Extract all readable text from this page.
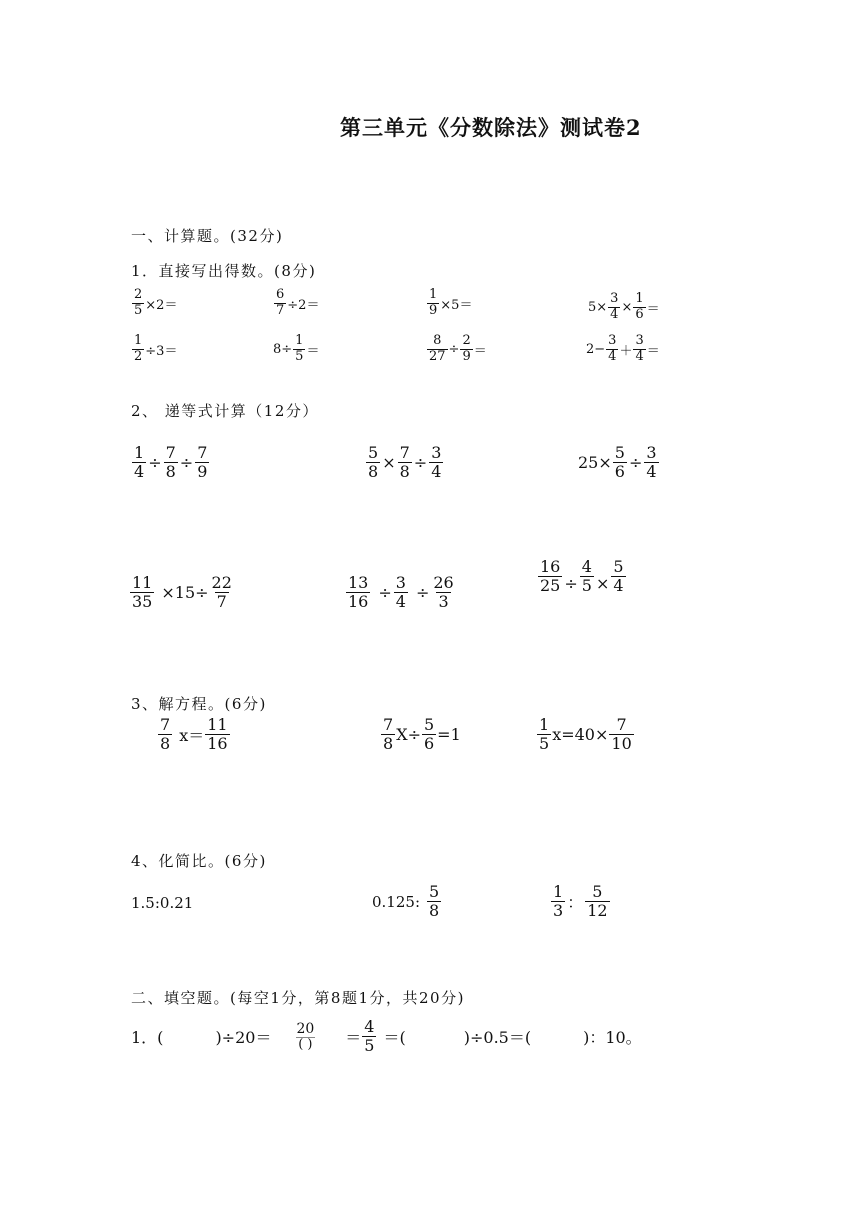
第三单元《分数除法》测试卷2
一、计算题。(32分)
1．直接写出得数。(8分)
$\frac{2}{5} \times 2=$	$\frac{6}{7} \div 2=$	$\frac{1}{9} \times 5=$	$5\times \frac{3}{4} \times \frac{1}{6}$ ＝
$\frac{1}{2} \div 3=$	$8\div \frac{1}{5}$ ＝	$\frac{8}{27} \div \frac{2}{9}$ ＝	$2- \frac{3}{4} + \frac{3}{4}$ ＝
2、 递等式计算（12分）
$\frac{1}{4} \div \frac{7}{8} \div \frac{7}{9}$	$\frac{5}{8} \times \frac{7}{8} \div \frac{3}{4}$	$25\times \frac{5}{6} \div \frac{3}{4}$
$\frac{11}{35} \times 15\div \frac{22}{7}$	$\frac{13}{16} \div \frac{3}{4} \div \frac{26}{3}$	$\frac{16}{25} \div \frac{4}{5} \times \frac{5}{4}$
3、解方程。(6分)
$\frac{7}{8} x= \frac{11}{16}$	$\frac{7}{8} X\div \frac{5}{6} =1$	$\frac{1}{5} x=40\times \frac{7}{10}$
4、化简比。(6分)
1.5:0.21	0.125: $\frac{5}{8}$	$\frac{1}{3}$ ： $\frac{5}{12}$
二、填空题。(每空1分，第8题1分，共20分)
1．(	)$\div 20= \frac{20}{( )} = \frac{4}{5}$ ＝(	)÷0.5＝(	)：10。
